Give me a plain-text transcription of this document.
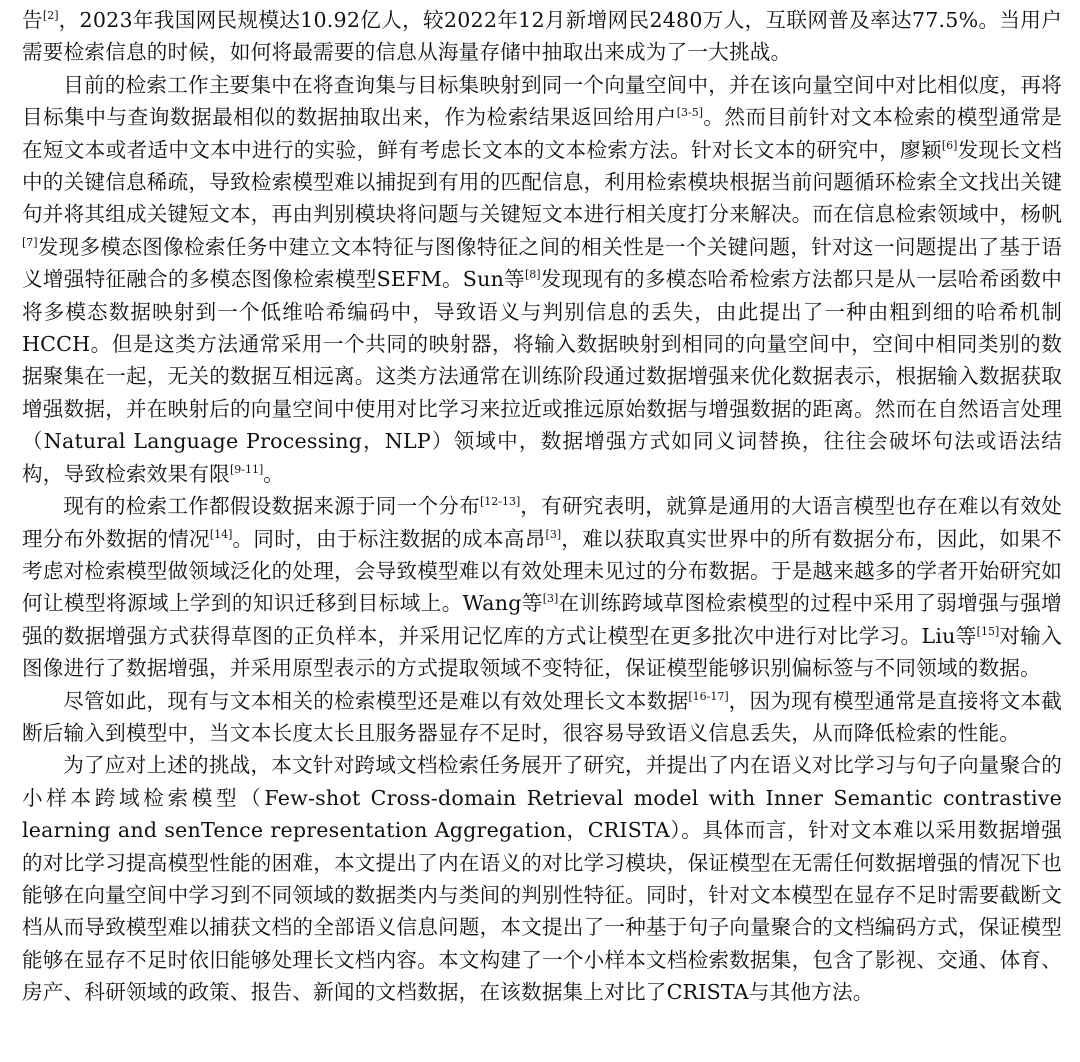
告[2]，2023年我国网民规模达10.92亿人，较2022年12月新增网民2480万人，互联网普及率达77.5%。当用户需要检索信息的时候，如何将最需要的信息从海量存储中抽取出来成为了一大挑战。

目前的检索工作主要集中在将查询集与目标集映射到同一个向量空间中，并在该向量空间中对比相似度，再将目标集中与查询数据最相似的数据抽取出来，作为检索结果返回给用户[3-5]。然而目前针对文本检索的模型通常是在短文本或者适中文本中进行的实验，鲜有考虑长文本的文本检索方法。针对长文本的研究中，廖颖[6]发现长文档中的关键信息稀疏，导致检索模型难以捕捉到有用的匹配信息，利用检索模块根据当前问题循环检索全文找出关键句并将其组成关键短文本，再由判别模块将问题与关键短文本进行相关度打分来解决。而在信息检索领域中，杨帆[7]发现多模态图像检索任务中建立文本特征与图像特征之间的相关性是一个关键问题，针对这一问题提出了基于语义增强特征融合的多模态图像检索模型SEFM。Sun等[8]发现现有的多模态哈希检索方法都只是从一层哈希函数中将多模态数据映射到一个低维哈希编码中，导致语义与判别信息的丢失，由此提出了一种由粗到细的哈希机制HCCH。但是这类方法通常采用一个共同的映射器，将输入数据映射到相同的向量空间中，空间中相同类别的数据聚集在一起，无关的数据互相远离。这类方法通常在训练阶段通过数据增强来优化数据表示，根据输入数据获取增强数据，并在映射后的向量空间中使用对比学习来拉近或推远原始数据与增强数据的距离。然而在自然语言处理（Natural Language Processing，NLP）领域中，数据增强方式如同义词替换，往往会破坏句法或语法结构，导致检索效果有限[9-11]。

现有的检索工作都假设数据来源于同一个分布[12-13]，有研究表明，就算是通用的大语言模型也存在难以有效处理分布外数据的情况[14]。同时，由于标注数据的成本高昂[3]，难以获取真实世界中的所有数据分布，因此，如果不考虑对检索模型做领域泛化的处理，会导致模型难以有效处理未见过的分布数据。于是越来越多的学者开始研究如何让模型将源域上学到的知识迁移到目标域上。Wang等[3]在训练跨域草图检索模型的过程中采用了弱增强与强增强的数据增强方式获得草图的正负样本，并采用记忆库的方式让模型在更多批次中进行对比学习。Liu等[15]对输入图像进行了数据增强，并采用原型表示的方式提取领域不变特征，保证模型能够识别偏标签与不同领域的数据。

尽管如此，现有与文本相关的检索模型还是难以有效处理长文本数据[16-17]，因为现有模型通常是直接将文本截断后输入到模型中，当文本长度太长且服务器显存不足时，很容易导致语义信息丢失，从而降低检索的性能。

为了应对上述的挑战，本文针对跨域文档检索任务展开了研究，并提出了内在语义对比学习与句子向量聚合的小样本跨域检索模型（Few-shot Cross-domain Retrieval model with Inner Semantic contrastive learning and senTence representation Aggregation，CRISTA）。具体而言，针对文本难以采用数据增强的对比学习提高模型性能的困难，本文提出了内在语义的对比学习模块，保证模型在无需任何数据增强的情况下也能够在向量空间中学习到不同领域的数据类内与类间的判别性特征。同时，针对文本模型在显存不足时需要截断文档从而导致模型难以捕获文档的全部语义信息问题，本文提出了一种基于句子向量聚合的文档编码方式，保证模型能够在显存不足时依旧能够处理长文档内容。本文构建了一个小样本文档检索数据集，包含了影视、交通、体育、房产、科研领域的政策、报告、新闻的文档数据，在该数据集上对比了CRISTA与其他方法。
